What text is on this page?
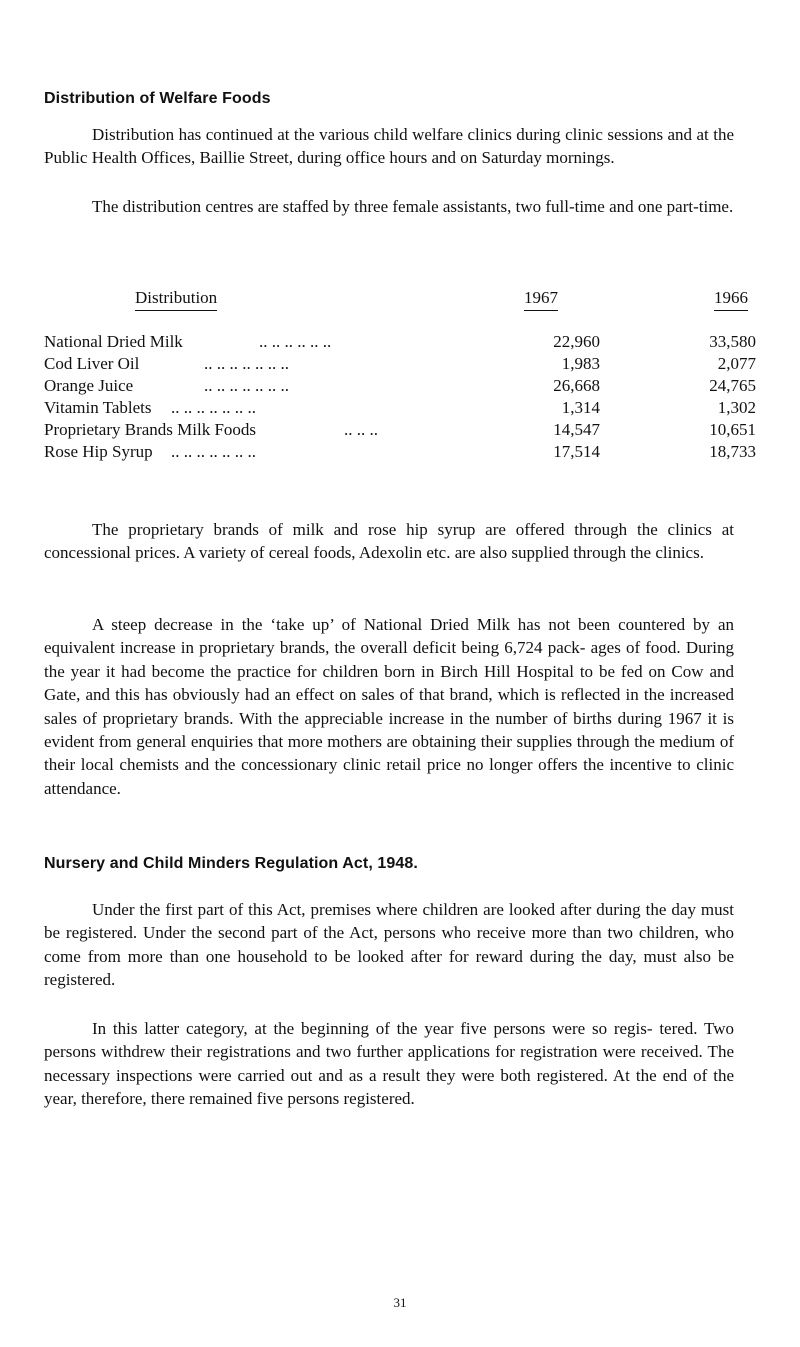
Distribution of Welfare Foods

Distribution has continued at the various child welfare clinics during clinic sessions and at the Public Health Offices, Baillie Street, during office hours and on Saturday mornings.

The distribution centres are staffed by three female assistants, two full-time and one part-time.

Distribution	1967	1966
National Dried Milk	.. .. .. .. .. ..	22,960	33,580
Cod Liver Oil	.. .. .. .. .. .. ..	1,983	2,077
Orange Juice	.. .. .. .. .. .. ..	26,668	24,765
Vitamin Tablets .. .. .. .. .. .. ..	1,314	1,302
Proprietary Brands Milk Foods	.. .. ..	14,547	10,651
Rose Hip Syrup .. .. .. .. .. .. ..	17,514	18,733

The proprietary brands of milk and rose hip syrup are offered through the clinics at concessional prices. A variety of cereal foods, Adexolin etc. are also supplied through the clinics.

A steep decrease in the ‘take up’ of National Dried Milk has not been countered by an equivalent increase in proprietary brands, the overall deficit being 6,724 pack- ages of food. During the year it had become the practice for children born in Birch Hill Hospital to be fed on Cow and Gate, and this has obviously had an effect on sales of that brand, which is reflected in the increased sales of proprietary brands. With the appreciable increase in the number of births during 1967 it is evident from general enquiries that more mothers are obtaining their supplies through the medium of their local chemists and the concessionary clinic retail price no longer offers the incentive to clinic attendance.

Nursery and Child Minders Regulation Act, 1948.

Under the first part of this Act, premises where children are looked after during the day must be registered. Under the second part of the Act, persons who receive more than two children, who come from more than one household to be looked after for reward during the day, must also be registered.

In this latter category, at the beginning of the year five persons were so regis- tered. Two persons withdrew their registrations and two further applications for registration were received. The necessary inspections were carried out and as a result they were both registered. At the end of the year, therefore, there remained five persons registered.

31
